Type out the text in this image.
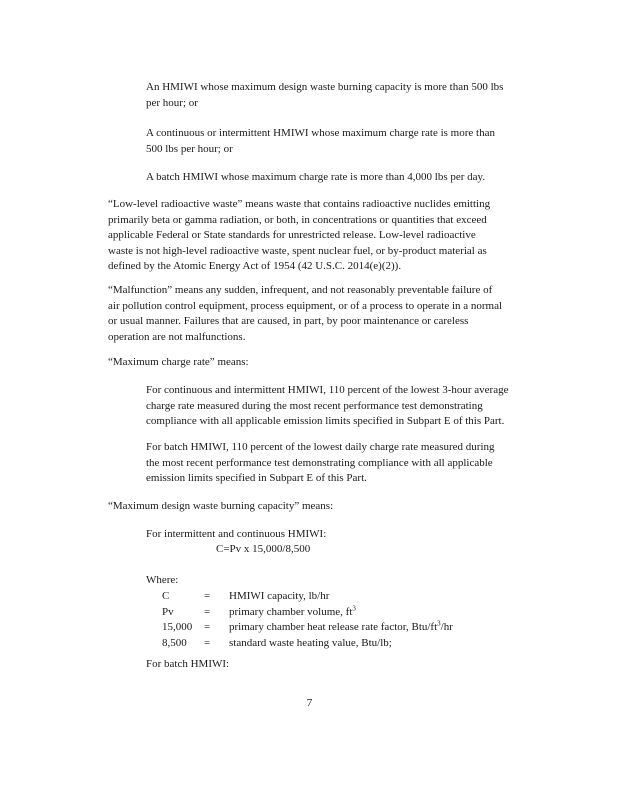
An HMIWI whose maximum design waste burning capacity is more than 500 lbs
per hour; or

A continuous or intermittent HMIWI whose maximum charge rate is more than
500 lbs per hour; or

A batch HMIWI whose maximum charge rate is more than 4,000 lbs per day.

“Low-level radioactive waste” means waste that contains radioactive nuclides emitting
primarily beta or gamma radiation, or both, in concentrations or quantities that exceed
applicable Federal or State standards for unrestricted release. Low-level radioactive
waste is not high-level radioactive waste, spent nuclear fuel, or by-product material as
defined by the Atomic Energy Act of 1954 (42 U.S.C. 2014(e)(2)).

“Malfunction” means any sudden, infrequent, and not reasonably preventable failure of
air pollution control equipment, process equipment, or of a process to operate in a normal
or usual manner. Failures that are caused, in part, by poor maintenance or careless
operation are not malfunctions.

“Maximum charge rate” means:

For continuous and intermittent HMIWI, 110 percent of the lowest 3-hour average
charge rate measured during the most recent performance test demonstrating
compliance with all applicable emission limits specified in Subpart E of this Part.

For batch HMIWI, 110 percent of the lowest daily charge rate measured during
the most recent performance test demonstrating compliance with all applicable
emission limits specified in Subpart E of this Part.

“Maximum design waste burning capacity” means:

For intermittent and continuous HMIWI:

C=Pv x 15,000/8,500

Where:

C	= HMIWI capacity, lb/hr
Pv	= primary chamber volume, $ft^3$
15,000 = primary chamber heat release rate factor, Btu/$ft^3/hr$
8,500 = standard waste heating value, Btu/lb;

For batch HMIWI:

7
